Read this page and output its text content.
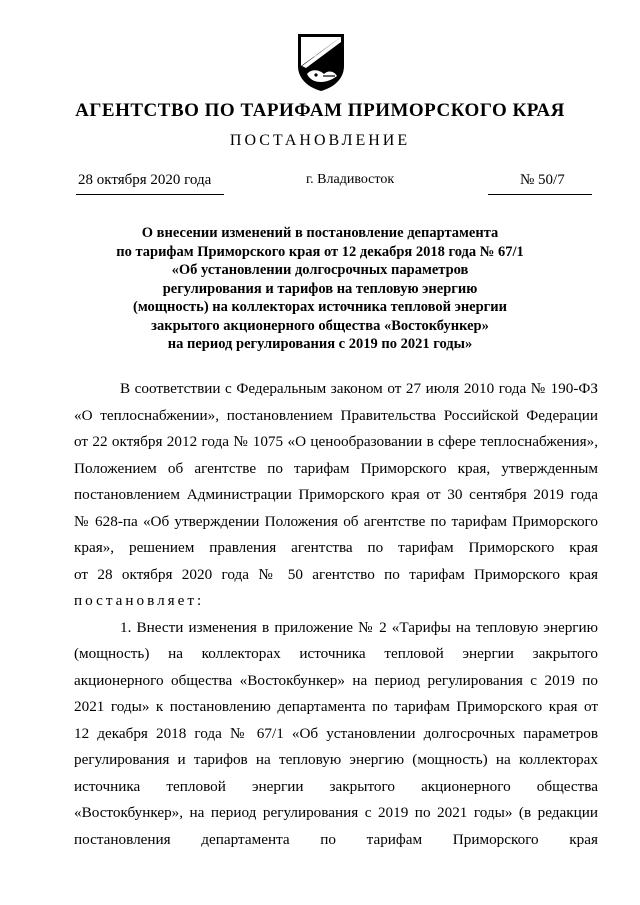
АГЕНТСТВО ПО ТАРИФАМ ПРИМОРСКОГО КРАЯ
ПОСТАНОВЛЕНИЕ
28 октября 2020 года	г. Владивосток	№ 50/7
О внесении изменений в постановление департамента
по тарифам Приморского края от 12 декабря 2018 года № 67/1
«Об установлении долгосрочных параметров
регулирования и тарифов на тепловую энергию
(мощность) на коллекторах источника тепловой энергии
закрытого акционерного общества «Востокбункер»
на период регулирования с 2019 по 2021 годы»
В соответствии с Федеральным законом от 27 июля 2010 года № 190-ФЗ
«О теплоснабжении», постановлением Правительства Российской Федерации
от 22 октября 2012 года № 1075 «О ценообразовании в сфере теплоснабжения»,
Положением об агентстве по тарифам Приморского края, утвержденным
постановлением Администрации Приморского края от 30 сентября 2019 года
№ 628-па «Об утверждении Положения об агентстве по тарифам Приморского
края», решением правления агентства по тарифам Приморского края
от 28 октября 2020 года № 50 агентство по тарифам Приморского края
постановляет:
1. Внести изменения в приложение № 2 «Тарифы на тепловую энергию
(мощность) на коллекторах источника тепловой энергии закрытого
акционерного общества «Востокбункер» на период регулирования с 2019 по
2021 годы» к постановлению департамента по тарифам Приморского края от
12 декабря 2018 года № 67/1 «Об установлении долгосрочных параметров
регулирования и тарифов на тепловую энергию (мощность) на коллекторах
источника тепловой энергии закрытого акционерного общества
«Востокбункер», на период регулирования с 2019 по 2021 годы» (в редакции
постановления департамента по тарифам Приморского края
